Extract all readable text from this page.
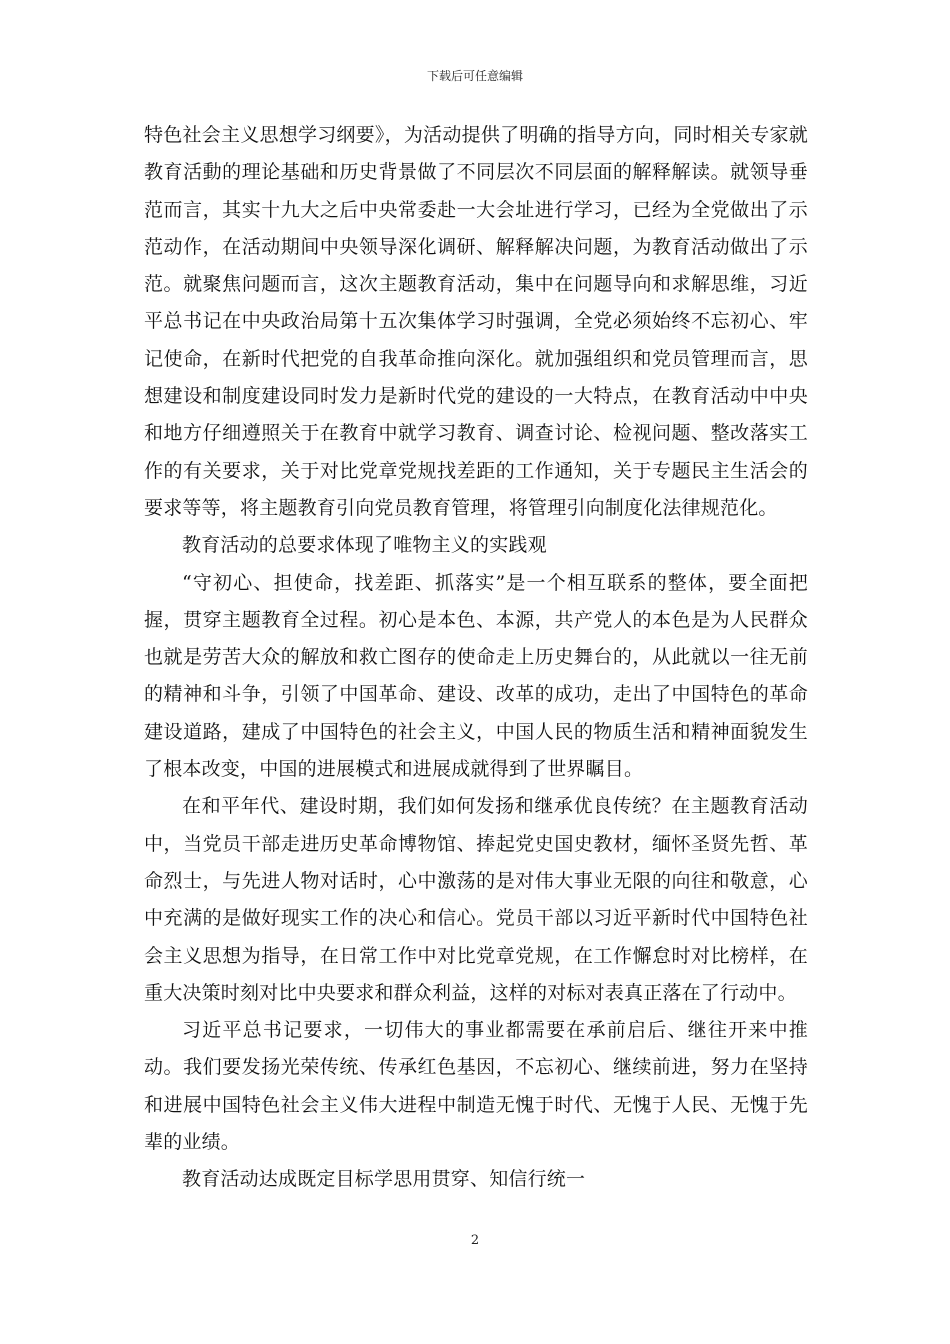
下载后可任意编辑

特色社会主义思想学习纲要》，为活动提供了明确的指导方向，同时相关专家就教育活動的理论基础和历史背景做了不同层次不同层面的解释解读。就领导垂范而言，其实十九大之后中央常委赴一大会址进行学习，已经为全党做出了示范动作，在活动期间中央领导深化调研、解释解决问题，为教育活动做出了示范。就聚焦问题而言，这次主题教育活动，集中在问题导向和求解思维，习近平总书记在中央政治局第十五次集体学习时强调，全党必须始终不忘初心、牢记使命，在新时代把党的自我革命推向深化。就加强组织和党员管理而言，思想建设和制度建设同时发力是新时代党的建设的一大特点，在教育活动中中央和地方仔细遵照关于在教育中就学习教育、调查讨论、检视问题、整改落实工作的有关要求，关于对比党章党规找差距的工作通知，关于专题民主生活会的要求等等，将主题教育引向党员教育管理，将管理引向制度化法律规范化。

教育活动的总要求体现了唯物主义的实践观

“守初心、担使命，找差距、抓落实”是一个相互联系的整体，要全面把握，贯穿主题教育全过程。初心是本色、本源，共产党人的本色是为人民群众也就是劳苦大众的解放和救亡图存的使命走上历史舞台的，从此就以一往无前的精神和斗争，引领了中国革命、建设、改革的成功，走出了中国特色的革命建设道路，建成了中国特色的社会主义，中国人民的物质生活和精神面貌发生了根本改变，中国的进展模式和进展成就得到了世界瞩目。

在和平年代、建设时期，我们如何发扬和继承优良传统？在主题教育活动中，当党员干部走进历史革命博物馆、捧起党史国史教材，缅怀圣贤先哲、革命烈士，与先进人物对话时，心中激荡的是对伟大事业无限的向往和敬意，心中充满的是做好现实工作的决心和信心。党员干部以习近平新时代中国特色社会主义思想为指导，在日常工作中对比党章党规，在工作懈怠时对比榜样，在重大决策时刻对比中央要求和群众利益，这样的对标对表真正落在了行动中。

习近平总书记要求，一切伟大的事业都需要在承前启后、继往开来中推动。我们要发扬光荣传统、传承红色基因，不忘初心、继续前进，努力在坚持和进展中国特色社会主义伟大进程中制造无愧于时代、无愧于人民、无愧于先辈的业绩。

教育活动达成既定目标学思用贯穿、知信行统一

2
